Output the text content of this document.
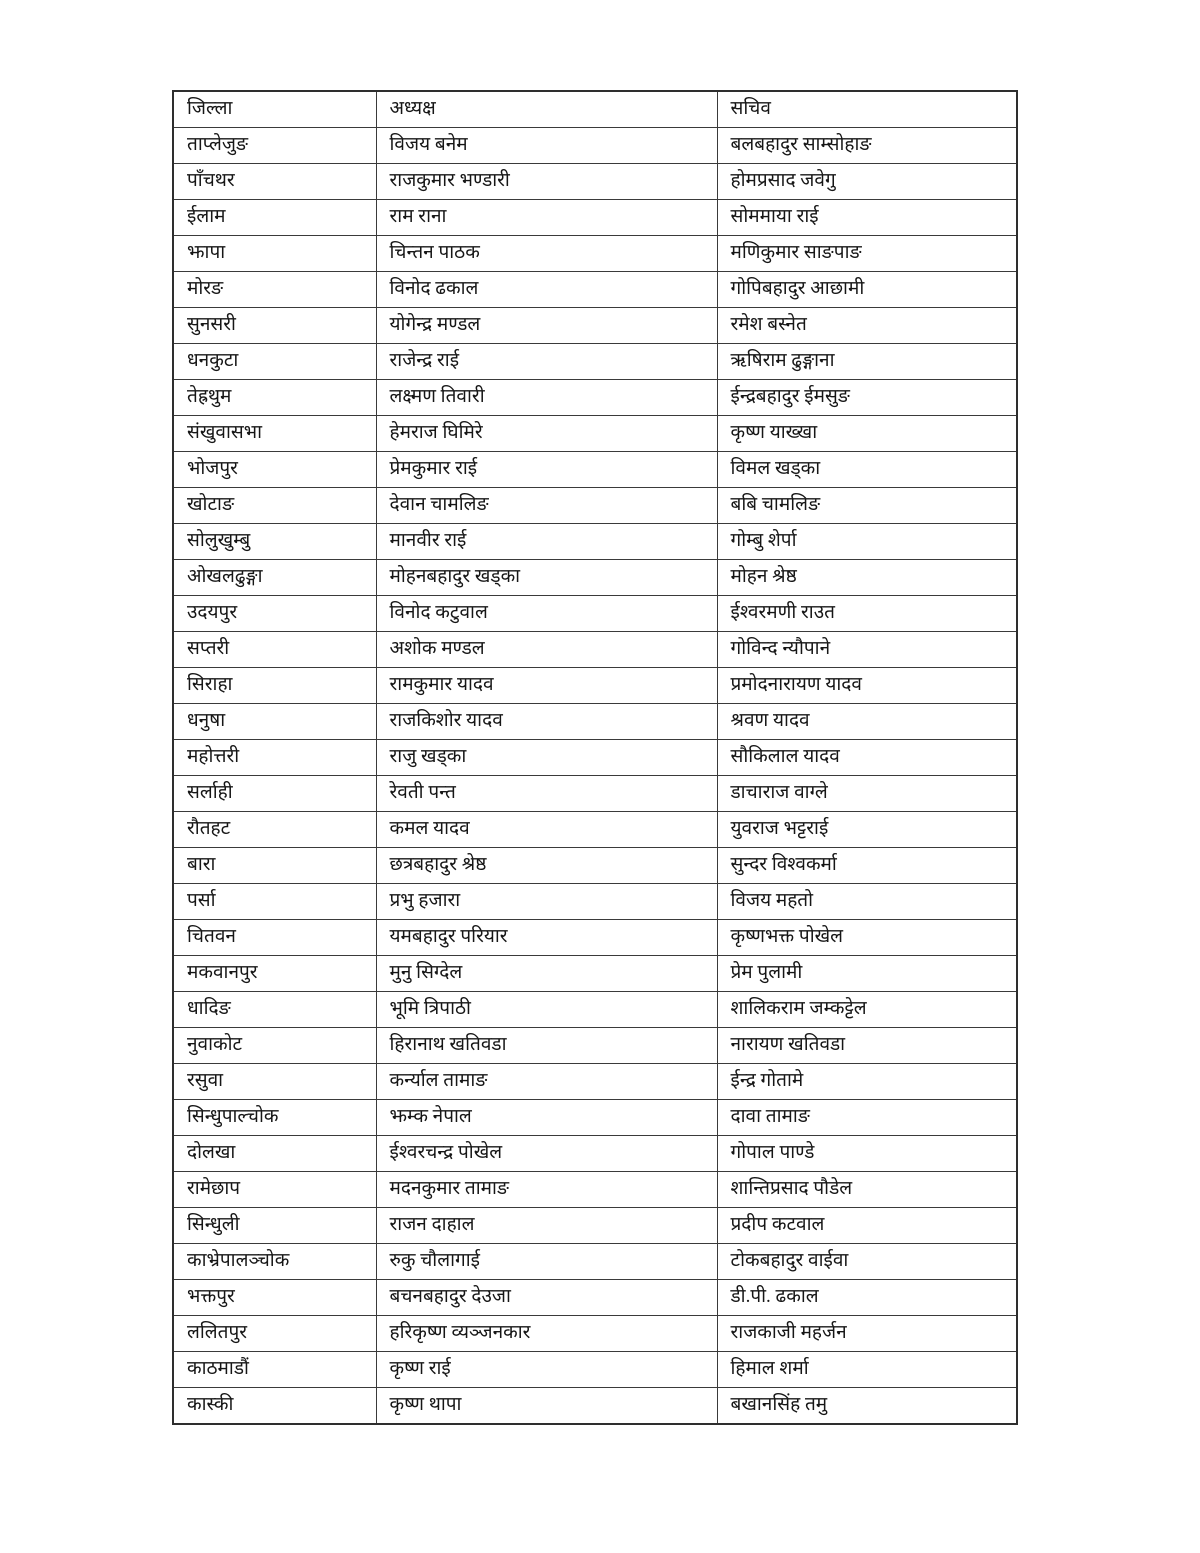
जिल्ला	अध्यक्ष	सचिव
ताप्लेजुङ	विजय बनेम	बलबहादुर साम्सोहाङ
पाँचथर	राजकुमार भण्डारी	होमप्रसाद जवेगु
ईलाम	राम राना	सोममाया राई
झापा	चिन्तन पाठक	मणिकुमार साङपाङ
मोरङ	विनोद ढकाल	गोपिबहादुर आछामी
सुनसरी	योगेन्द्र मण्डल	रमेश बस्नेत
धनकुटा	राजेन्द्र राई	ऋषिराम ढुङ्गाना
तेह्रथुम	लक्ष्मण तिवारी	ईन्द्रबहादुर ईमसुङ
संखुवासभा	हेमराज घिमिरे	कृष्ण याख्खा
भोजपुर	प्रेमकुमार राई	विमल खड्का
खोटाङ	देवान चामलिङ	बबि चामलिङ
सोलुखुम्बु	मानवीर राई	गोम्बु शेर्पा
ओखलढुङ्गा	मोहनबहादुर खड्का	मोहन श्रेष्ठ
उदयपुर	विनोद कटुवाल	ईश्वरमणी राउत
सप्तरी	अशोक मण्डल	गोविन्द न्यौपाने
सिराहा	रामकुमार यादव	प्रमोदनारायण यादव
धनुषा	राजकिशोर यादव	श्रवण यादव
महोत्तरी	राजु खड्का	सौकिलाल यादव
सर्लाही	रेवती पन्त	डाचाराज वाग्ले
रौतहट	कमल यादव	युवराज भट्टराई
बारा	छत्रबहादुर श्रेष्ठ	सुन्दर विश्वकर्मा
पर्सा	प्रभु हजारा	विजय महतो
चितवन	यमबहादुर परियार	कृष्णभक्त पोखेल
मकवानपुर	मुनु सिग्देल	प्रेम पुलामी
धादिङ	भूमि त्रिपाठी	शालिकराम जम्कट्टेल
नुवाकोट	हिरानाथ खतिवडा	नारायण खतिवडा
रसुवा	कर्न्याल तामाङ	ईन्द्र गोतामे
सिन्धुपाल्चोक	झम्क नेपाल	दावा तामाङ
दोलखा	ईश्वरचन्द्र पोखेल	गोपाल पाण्डे
रामेछाप	मदनकुमार तामाङ	शान्तिप्रसाद पौडेल
सिन्धुली	राजन दाहाल	प्रदीप कटवाल
काभ्रेपालञ्चोक	रुकु चौलागाई	टोकबहादुर वाईवा
भक्तपुर	बचनबहादुर देउजा	डी.पी. ढकाल
ललितपुर	हरिकृष्ण व्यञ्जनकार	राजकाजी महर्जन
काठमाडौं	कृष्ण राई	हिमाल शर्मा
कास्की	कृष्ण थापा	बखानसिंह तमु
